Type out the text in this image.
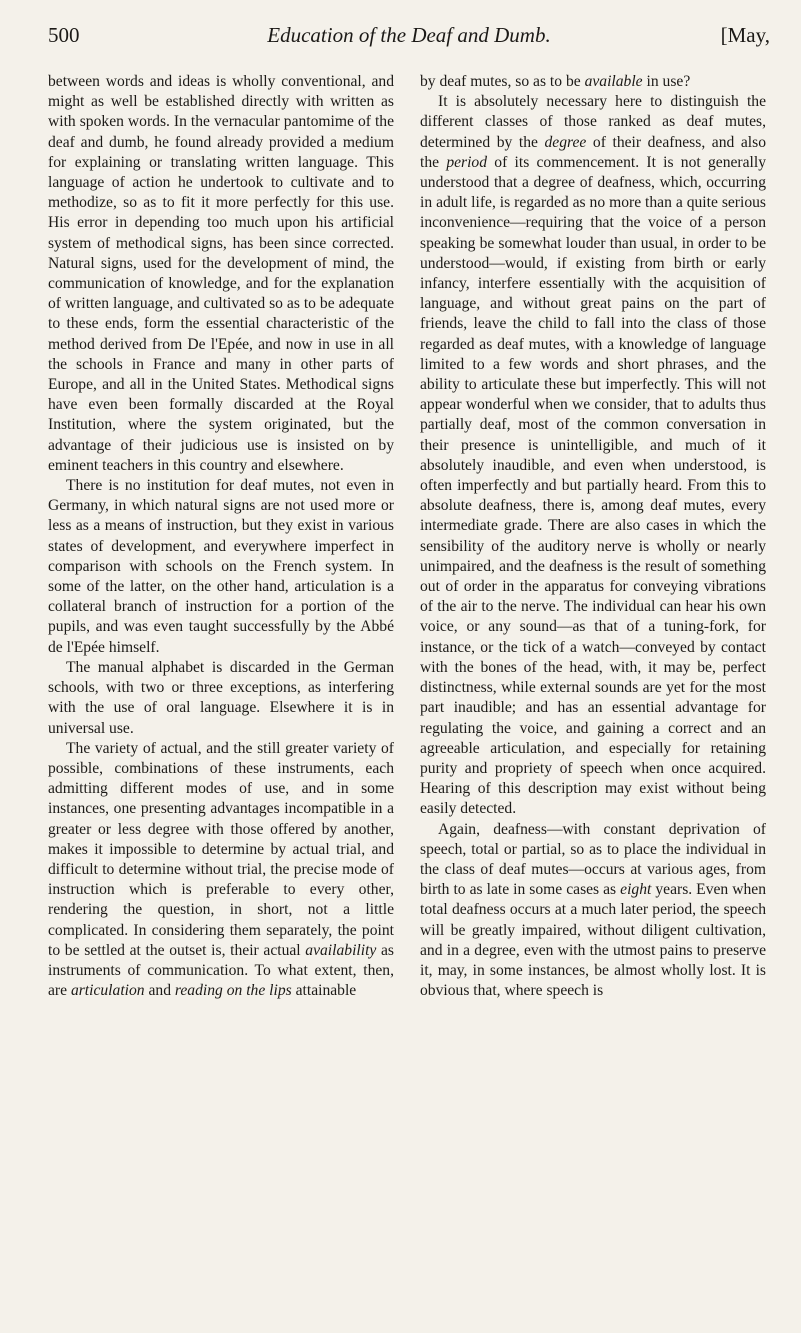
500	Education of the Deaf and Dumb.	[May,

between words and ideas is wholly conventional, and might as well be established directly with written as with spoken words. In the vernacular pantomime of the deaf and dumb, he found already provided a medium for explaining or translating written language. This language of action he undertook to cultivate and to methodize, so as to fit it more perfectly for this use. His error in depending too much upon his artificial system of methodical signs, has been since corrected. Natural signs, used for the development of mind, the communication of knowledge, and for the explanation of written language, and cultivated so as to be adequate to these ends, form the essential characteristic of the method derived from De l'Epée, and now in use in all the schools in France and many in other parts of Europe, and all in the United States. Methodical signs have even been formally discarded at the Royal Institution, where the system originated, but the advantage of their judicious use is insisted on by eminent teachers in this country and elsewhere.

There is no institution for deaf mutes, not even in Germany, in which natural signs are not used more or less as a means of instruction, but they exist in various states of development, and everywhere imperfect in comparison with schools on the French system. In some of the latter, on the other hand, articulation is a collateral branch of instruction for a portion of the pupils, and was even taught successfully by the Abbé de l'Epée himself.

The manual alphabet is discarded in the German schools, with two or three exceptions, as interfering with the use of oral language. Elsewhere it is in universal use.

The variety of actual, and the still greater variety of possible, combinations of these instruments, each admitting different modes of use, and in some instances, one presenting advantages incompatible in a greater or less degree with those offered by another, makes it impossible to determine by actual trial, and difficult to determine without trial, the precise mode of instruction which is preferable to every other, rendering the question, in short, not a little complicated. In considering them separately, the point to be settled at the outset is, their actual availability as instruments of communication. To what extent, then, are articulation and reading on the lips attainable

by deaf mutes, so as to be available in use?

It is absolutely necessary here to distinguish the different classes of those ranked as deaf mutes, determined by the degree of their deafness, and also the period of its commencement. It is not generally understood that a degree of deafness, which, occurring in adult life, is regarded as no more than a quite serious inconvenience—requiring that the voice of a person speaking be somewhat louder than usual, in order to be understood—would, if existing from birth or early infancy, interfere essentially with the acquisition of language, and without great pains on the part of friends, leave the child to fall into the class of those regarded as deaf mutes, with a knowledge of language limited to a few words and short phrases, and the ability to articulate these but imperfectly. This will not appear wonderful when we consider, that to adults thus partially deaf, most of the common conversation in their presence is unintelligible, and much of it absolutely inaudible, and even when understood, is often imperfectly and but partially heard. From this to absolute deafness, there is, among deaf mutes, every intermediate grade. There are also cases in which the sensibility of the auditory nerve is wholly or nearly unimpaired, and the deafness is the result of something out of order in the apparatus for conveying vibrations of the air to the nerve. The individual can hear his own voice, or any sound—as that of a tuning-fork, for instance, or the tick of a watch—conveyed by contact with the bones of the head, with, it may be, perfect distinctness, while external sounds are yet for the most part inaudible; and has an essential advantage for regulating the voice, and gaining a correct and an agreeable articulation, and especially for retaining purity and propriety of speech when once acquired. Hearing of this description may exist without being easily detected.

Again, deafness—with constant deprivation of speech, total or partial, so as to place the individual in the class of deaf mutes—occurs at various ages, from birth to as late in some cases as eight years. Even when total deafness occurs at a much later period, the speech will be greatly impaired, without diligent cultivation, and in a degree, even with the utmost pains to preserve it, may, in some instances, be almost wholly lost. It is obvious that, where speech is
